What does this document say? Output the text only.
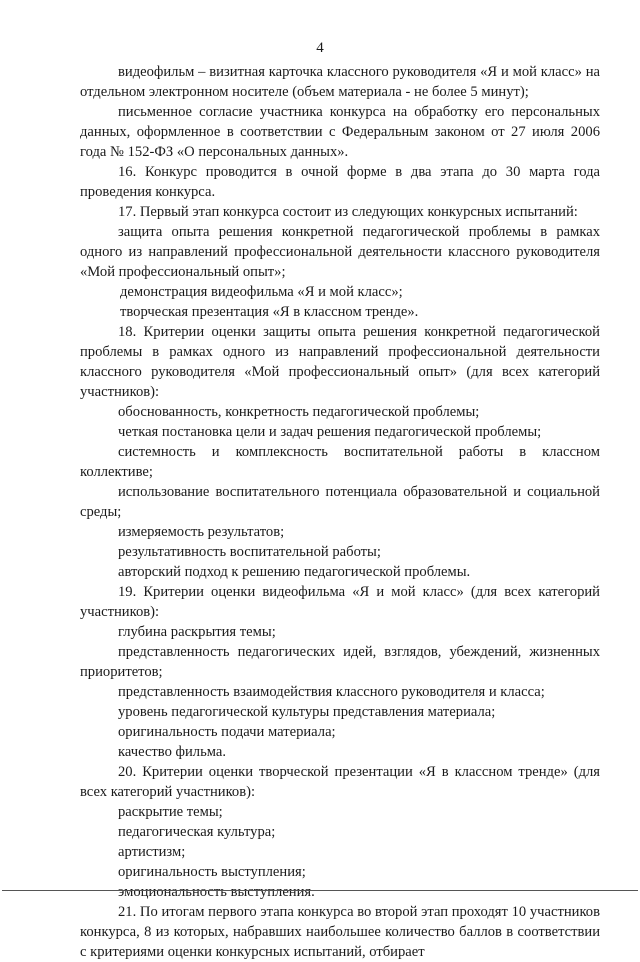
4

видеофильм – визитная карточка классного руководителя «Я и мой класс» на отдельном электронном носителе (объем материала - не более 5 минут);

письменное согласие участника конкурса на обработку его персональных данных, оформленное в соответствии с Федеральным законом от 27 июля 2006 года № 152-ФЗ «О персональных данных».

16. Конкурс проводится в очной форме в два этапа до 30 марта года проведения конкурса.

17. Первый этап конкурса состоит из следующих конкурсных испытаний:

защита опыта решения конкретной педагогической проблемы в рамках одного из направлений профессиональной деятельности классного руководителя «Мой профессиональный опыт»;

демонстрация видеофильма «Я и мой класс»;

творческая презентация «Я в классном тренде».

18. Критерии оценки защиты опыта решения конкретной педагогической проблемы в рамках одного из направлений профессиональной деятельности классного руководителя «Мой профессиональный опыт» (для всех категорий участников):

обоснованность, конкретность педагогической проблемы;

четкая постановка цели и задач решения педагогической проблемы;

системность и комплексность воспитательной работы в классном коллективе;

использование воспитательного потенциала образовательной и социальной среды;

измеряемость результатов;

результативность воспитательной работы;

авторский подход к решению педагогической проблемы.

19. Критерии оценки видеофильма «Я и мой класс» (для всех категорий участников):

глубина раскрытия темы;

представленность педагогических идей, взглядов, убеждений, жизненных приоритетов;

представленность взаимодействия классного руководителя и класса;

уровень педагогической культуры представления материала;

оригинальность подачи материала;

качество фильма.

20. Критерии оценки творческой презентации «Я в классном тренде» (для всех категорий участников):

раскрытие темы;

педагогическая культура;

артистизм;

оригинальность выступления;

эмоциональность выступления.

21. По итогам первого этапа конкурса во второй этап проходят 10 участников конкурса, 8 из которых, набравших наибольшее количество баллов в соответствии с критериями оценки конкурсных испытаний, отбирает
